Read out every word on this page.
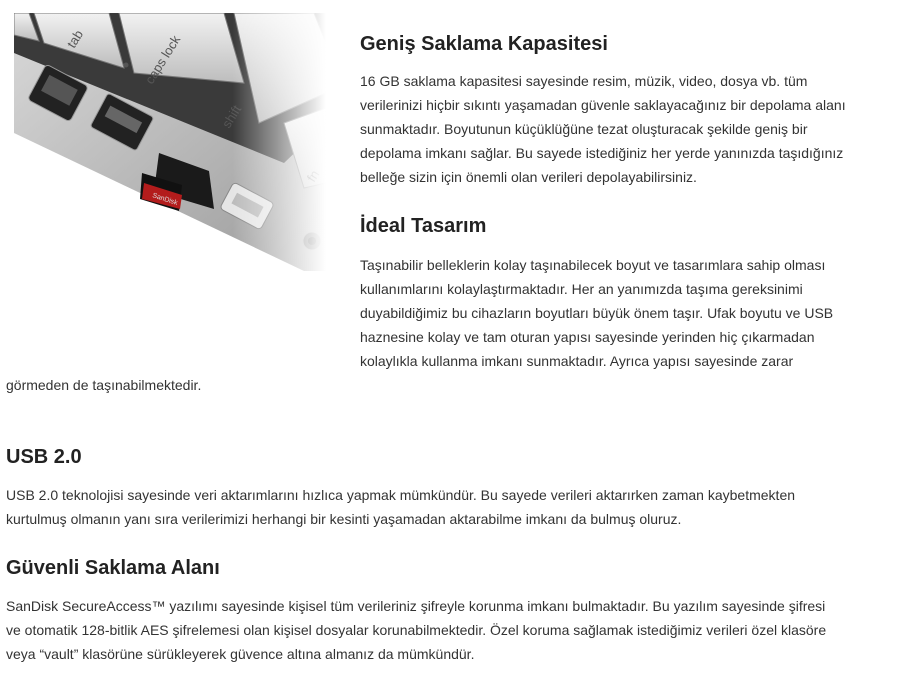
Geniş Saklama Kapasitesi
16 GB saklama kapasitesi sayesinde resim, müzik, video, dosya vb. tüm
verilerinizi hiçbir sıkıntı yaşamadan güvenle saklayacağınız bir depolama alanı
sunmaktadır. Boyutunun küçüklüğüne tezat oluşturacak şekilde geniş bir
depolama imkanı sağlar. Bu sayede istediğiniz her yerde yanınızda taşıdığınız
belleğe sizin için önemli olan verileri depolayabilirsiniz.
İdeal Tasarım
Taşınabilir belleklerin kolay taşınabilecek boyut ve tasarımlara sahip olması
kullanımlarını kolaylaştırmaktadır. Her an yanımızda taşıma gereksinimi
duyabildiğimiz bu cihazların boyutları büyük önem taşır. Ufak boyutu ve USB
haznesine kolay ve tam oturan yapısı sayesinde yerinden hiç çıkarmadan
kolaylıkla kullanma imkanı sunmaktadır. Ayrıca yapısı sayesinde zarar
görmeden de taşınabilmektedir.
USB 2.0
USB 2.0 teknolojisi sayesinde veri aktarımlarını hızlıca yapmak mümkündür. Bu sayede verileri aktarırken zaman kaybetmekten
kurtulmuş olmanın yanı sıra verilerimizi herhangi bir kesinti yaşamadan aktarabilme imkanı da bulmuş oluruz.
Güvenli Saklama Alanı
SanDisk SecureAccess™ yazılımı sayesinde kişisel tüm verileriniz şifreyle korunma imkanı bulmaktadır. Bu yazılım sayesinde şifresi
ve otomatik 128-bitlik AES şifrelemesi olan kişisel dosyalar korunabilmektedir. Özel koruma sağlamak istediğimiz verileri özel klasöre
veya “vault” klasörüne sürükleyerek güvence altına almanız da mümkündür.
